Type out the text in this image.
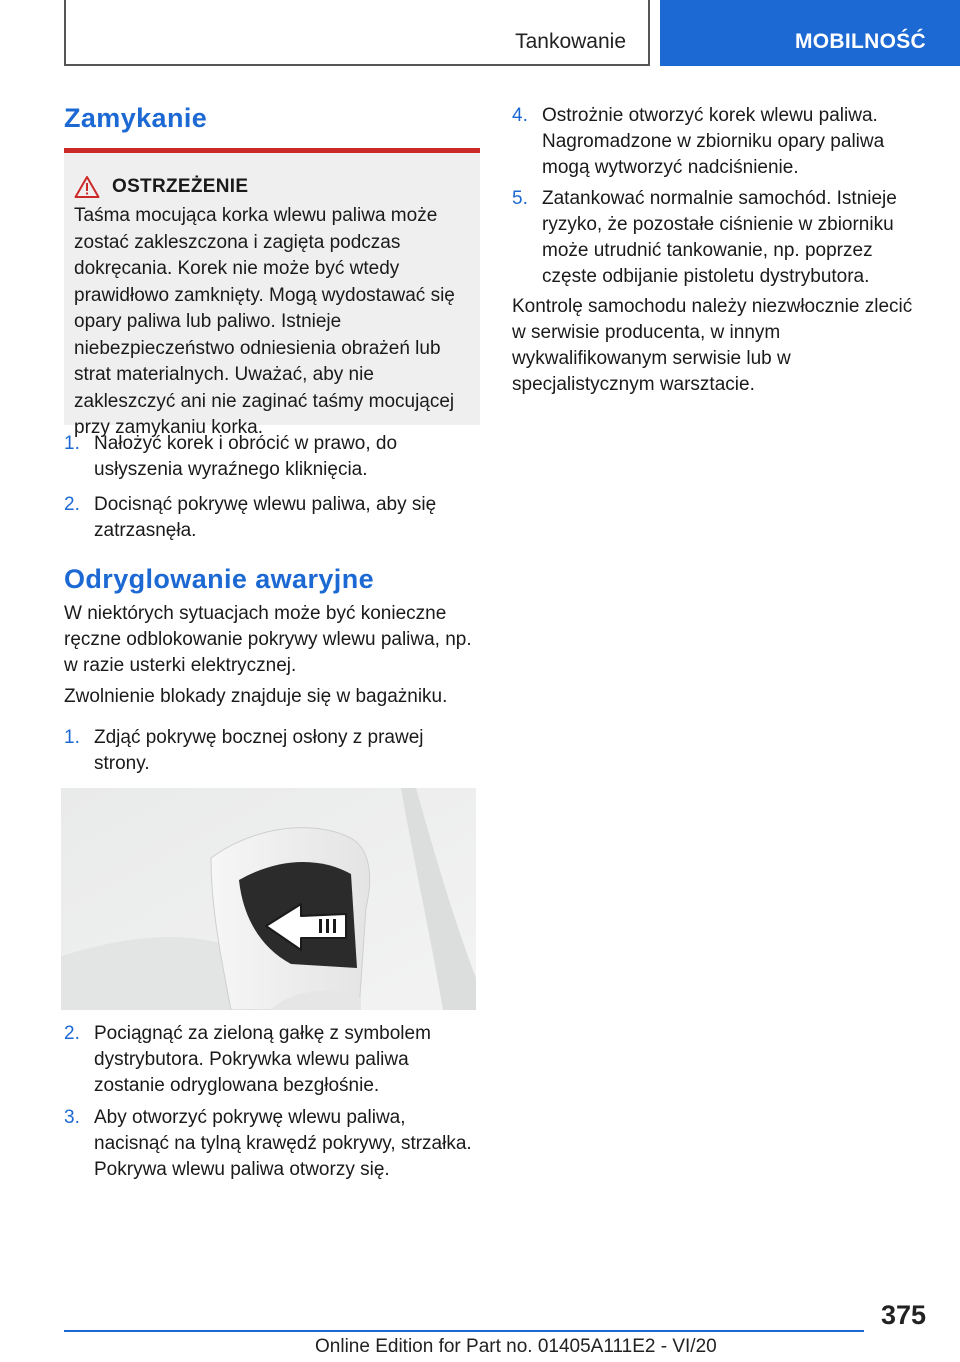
Tankowanie	MOBILNOŚĆ
Zamykanie
OSTRZEŻENIE
Taśma mocująca korka wlewu paliwa może zostać zakleszczona i zagięta podczas dokręcania. Korek nie może być wtedy prawidłowo zamknięty. Mogą wydostawać się opary paliwa lub paliwo. Istnieje niebezpieczeństwo odniesienia obrażeń lub strat materialnych. Uważać, aby nie zakleszczyć ani nie zaginać taśmy mocującej przy zamykaniu korka.
1. Nałożyć korek i obrócić w prawo, do usłyszenia wyraźnego kliknięcia.
2. Docisnąć pokrywę wlewu paliwa, aby się zatrzasnęła.
Odryglowanie awaryjne

W niektórych sytuacjach może być konieczne ręczne odblokowanie pokrywy wlewu paliwa, np. w razie usterki elektrycznej.

Zwolnienie blokady znajduje się w bagażniku.

1. Zdjąć pokrywę bocznej osłony z prawej strony.
2. Pociągnąć za zieloną gałkę z symbolem dystrybutora. Pokrywka wlewu paliwa zostanie odryglowana bezgłośnie.
3. Aby otworzyć pokrywę wlewu paliwa, nacisnąć na tylną krawędź pokrywy, strzałka. Pokrywa wlewu paliwa otworzy się.
4. Ostrożnie otworzyć korek wlewu paliwa. Nagromadzone w zbiorniku opary paliwa mogą wytworzyć nadciśnienie.
5. Zatankować normalnie samochód. Istnieje ryzyko, że pozostałe ciśnienie w zbiorniku może utrudnić tankowanie, np. poprzez częste odbijanie pistoletu dystrybutora.

Kontrolę samochodu należy niezwłocznie zlecić w serwisie producenta, w innym wykwalifikowanym serwisie lub w specjalistycznym warsztacie.

375
Online Edition for Part no. 01405A111E2 - VI/20
